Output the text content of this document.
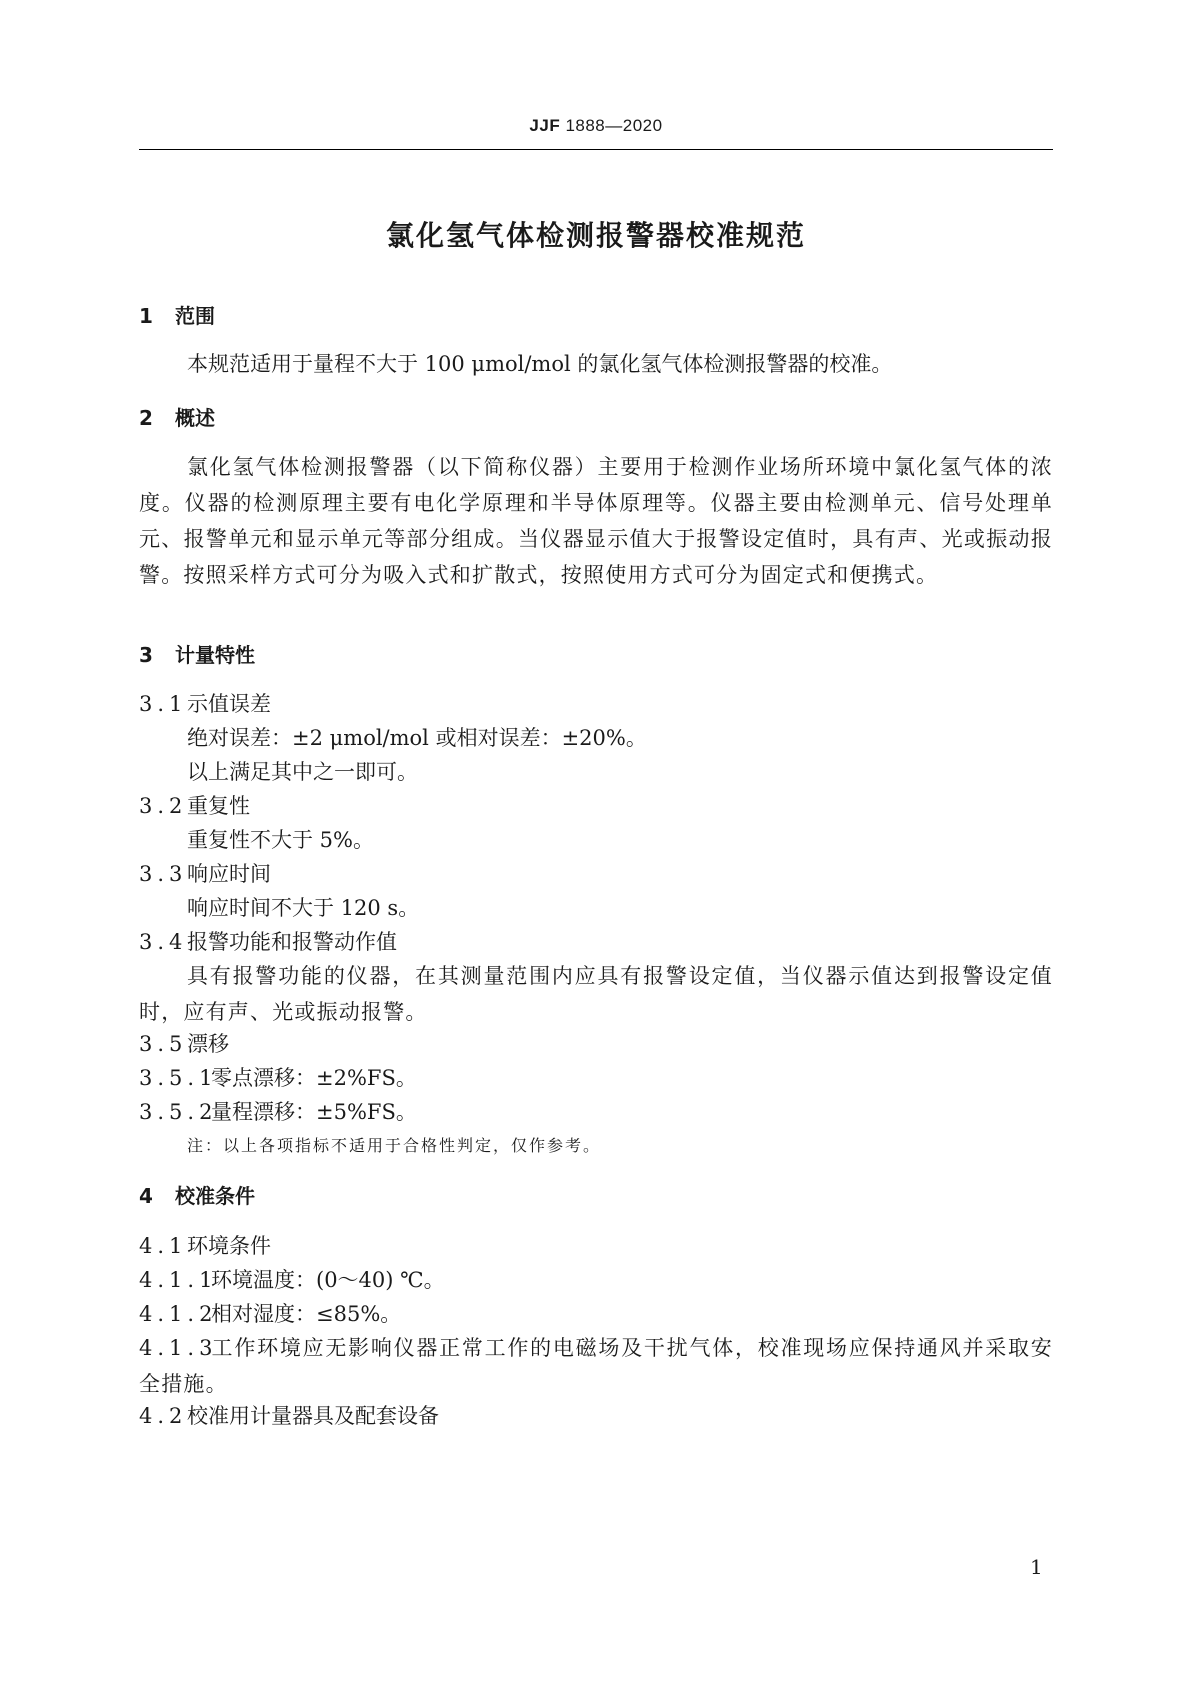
JJF 1888—2020
氯化氢气体检测报警器校准规范
1 范围
本规范适用于量程不大于 100 μmol/mol 的氯化氢气体检测报警器的校准。
2 概述
氯化氢气体检测报警器（以下简称仪器）主要用于检测作业场所环境中氯化氢气体的浓度。仪器的检测原理主要有电化学原理和半导体原理等。仪器主要由检测单元、信号处理单元、报警单元和显示单元等部分组成。当仪器显示值大于报警设定值时，具有声、光或振动报警。按照采样方式可分为吸入式和扩散式，按照使用方式可分为固定式和便携式。
3 计量特性
3.1示值误差
绝对误差：±2 μmol/mol 或相对误差：±20%。
以上满足其中之一即可。
3.2重复性
重复性不大于 5%。
3.3响应时间
响应时间不大于 120 s。
3.4报警功能和报警动作值
具有报警功能的仪器，在其测量范围内应具有报警设定值，当仪器示值达到报警设定值时，应有声、光或振动报警。
3.5漂移
3.5.1零点漂移：±2%FS。
3.5.2量程漂移：±5%FS。
注：以上各项指标不适用于合格性判定，仅作参考。
4 校准条件
4.1环境条件
4.1.1环境温度：(0～40) ℃。
4.1.2相对湿度：≤85%。
4.1.3工作环境应无影响仪器正常工作的电磁场及干扰气体，校准现场应保持通风并采取安全措施。
4.2校准用计量器具及配套设备
1
